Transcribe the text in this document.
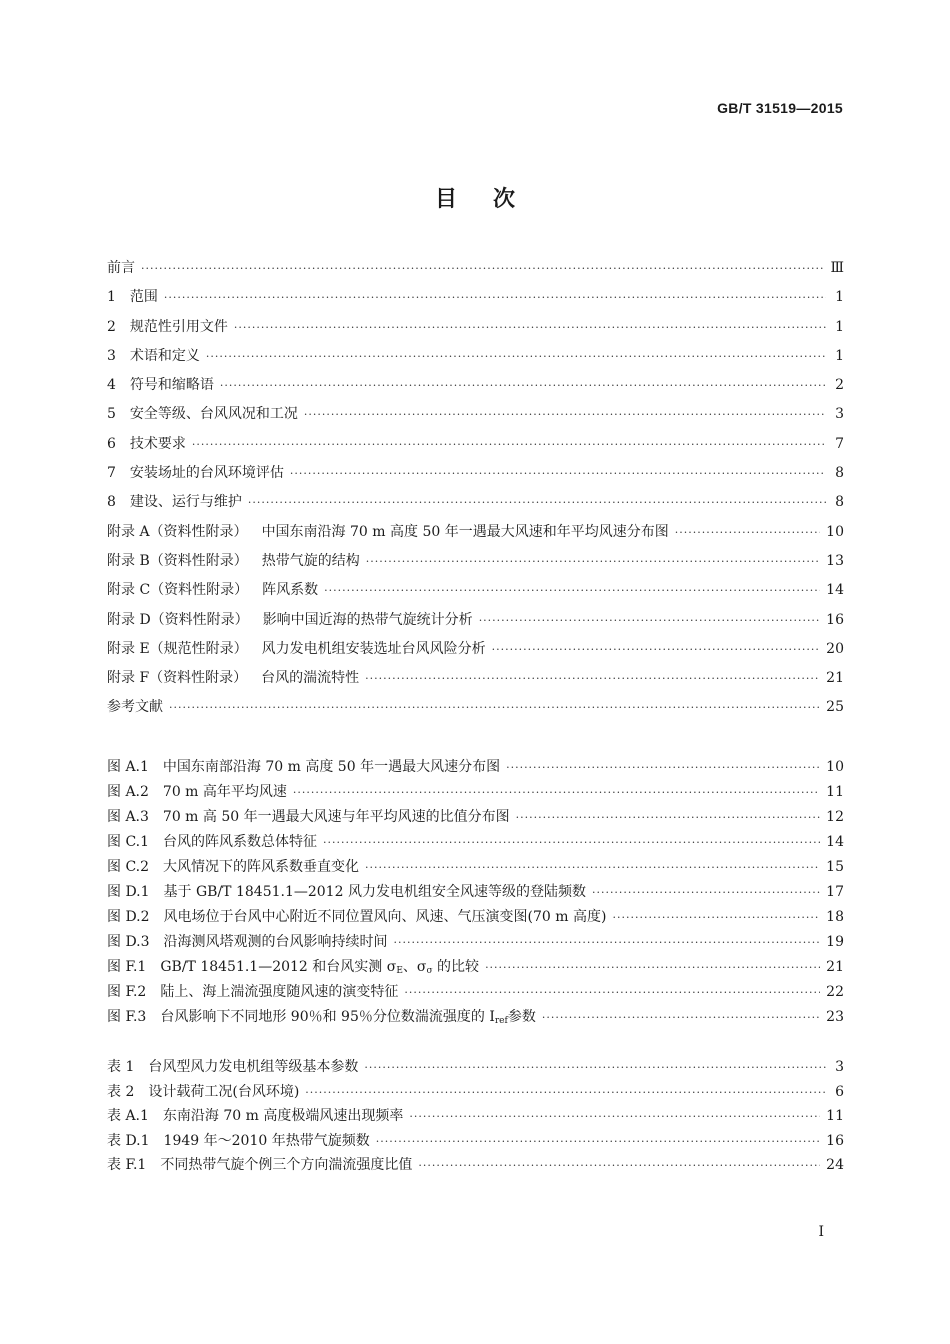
GB/T 31519—2015
目次
前言 ·····	Ⅲ
1 范围 ·····	1
2 规范性引用文件 ·····	1
3 术语和定义 ·····	1
4 符号和缩略语 ·····	2
5 安全等级、台风风况和工况 ·····	3
6 技术要求 ·····	7
7 安装场址的台风环境评估 ·····	8
8 建设、运行与维护 ·····	8
附录 A（资料性附录） 中国东南沿海 70 m 高度 50 年一遇最大风速和年平均风速分布图 ·····	10
附录 B（资料性附录） 热带气旋的结构 ·····	13
附录 C（资料性附录） 阵风系数 ·····	14
附录 D（资料性附录） 影响中国近海的热带气旋统计分析 ·····	16
附录 E（规范性附录） 风力发电机组安装选址台风风险分析 ·····	20
附录 F（资料性附录） 台风的湍流特性 ·····	21
参考文献 ·····	25
图 A.1 中国东南部沿海 70 m 高度 50 年一遇最大风速分布图 ·····	10
图 A.2 70 m 高年平均风速 ·····	11
图 A.3 70 m 高 50 年一遇最大风速与年平均风速的比值分布图 ·····	12
图 C.1 台风的阵风系数总体特征 ·····	14
图 C.2 大风情况下的阵风系数垂直变化 ·····	15
图 D.1 基于 GB/T 18451.1—2012 风力发电机组安全风速等级的登陆频数 ·····	17
图 D.2 风电场位于台风中心附近不同位置风向、风速、气压演变图(70 m 高度) ·····	18
图 D.3 沿海测风塔观测的台风影响持续时间 ·····	19
图 F.1 GB/T 18451.1—2012 和台风实测 $\sigma_E$、$\sigma_\sigma$ 的比较 ·····	21
图 F.2 陆上、海上湍流强度随风速的演变特征 ·····	22
图 F.3 台风影响下不同地形 90％和 95％分位数湍流强度的 $I_{ref}$参数 ·····	23
表 1 台风型风力发电机组等级基本参数 ·····	3
表 2 设计载荷工况(台风环境) ·····	6
表 A.1 东南沿海 70 m 高度极端风速出现频率 ·····	11
表 D.1 1949 年～2010 年热带气旋频数 ·····	16
表 F.1 不同热带气旋个例三个方向湍流强度比值 ·····	24
I
